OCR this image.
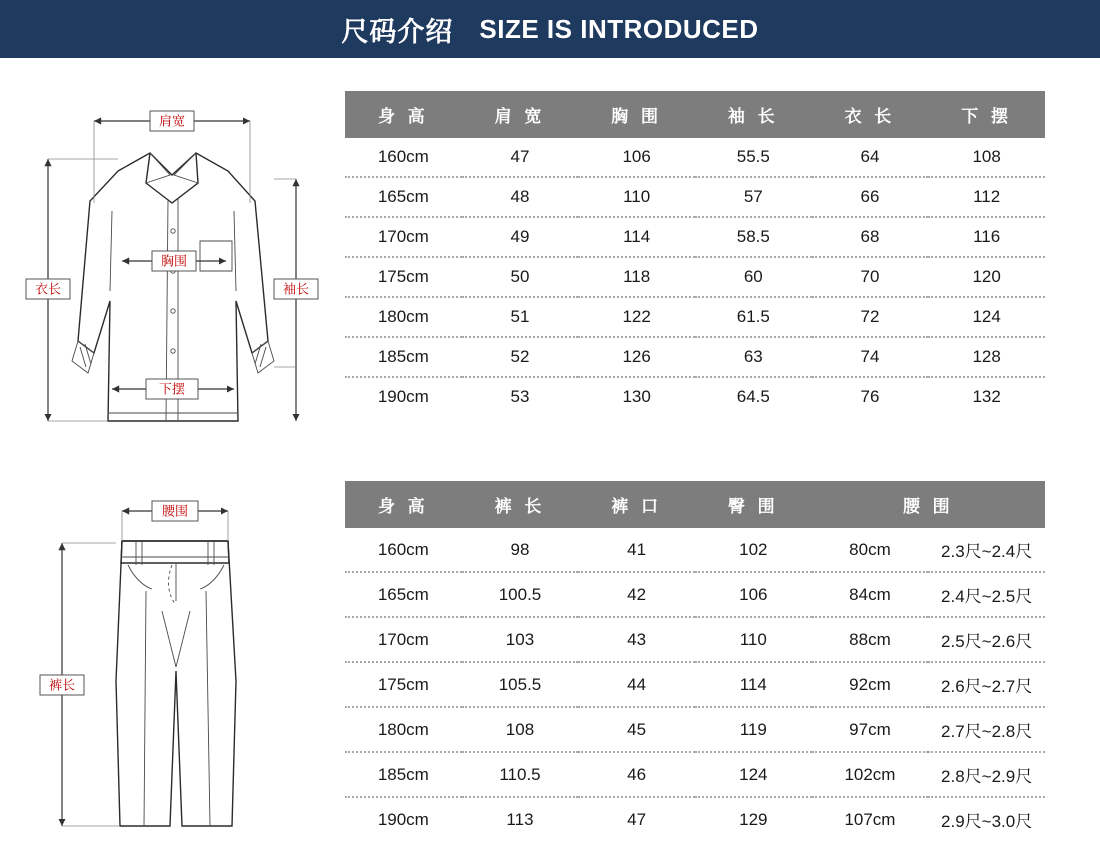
尺码介绍 SIZE IS INTRODUCED
肩宽
胸围
衣长	袖长
下摆
身 高	肩 宽	胸 围	袖 长	衣 长	下 摆
160cm	47	106	55.5	64	108
165cm	48	110	57	66	112
170cm	49	114	58.5	68	116
175cm	50	118	60	70	120
180cm	51	122	61.5	72	124
185cm	52	126	63	74	128
190cm	53	130	64.5	76	132
腰围
裤长
身 高	裤 长	裤 口	臀 围	腰 围	
160cm	98	41	102	80cm	2.3尺~2.4尺
165cm	100.5	42	106	84cm	2.4尺~2.5尺
170cm	103	43	110	88cm	2.5尺~2.6尺
175cm	105.5	44	114	92cm	2.6尺~2.7尺
180cm	108	45	119	97cm	2.7尺~2.8尺
185cm	110.5	46	124	102cm	2.8尺~2.9尺
190cm	113	47	129	107cm	2.9尺~3.0尺
